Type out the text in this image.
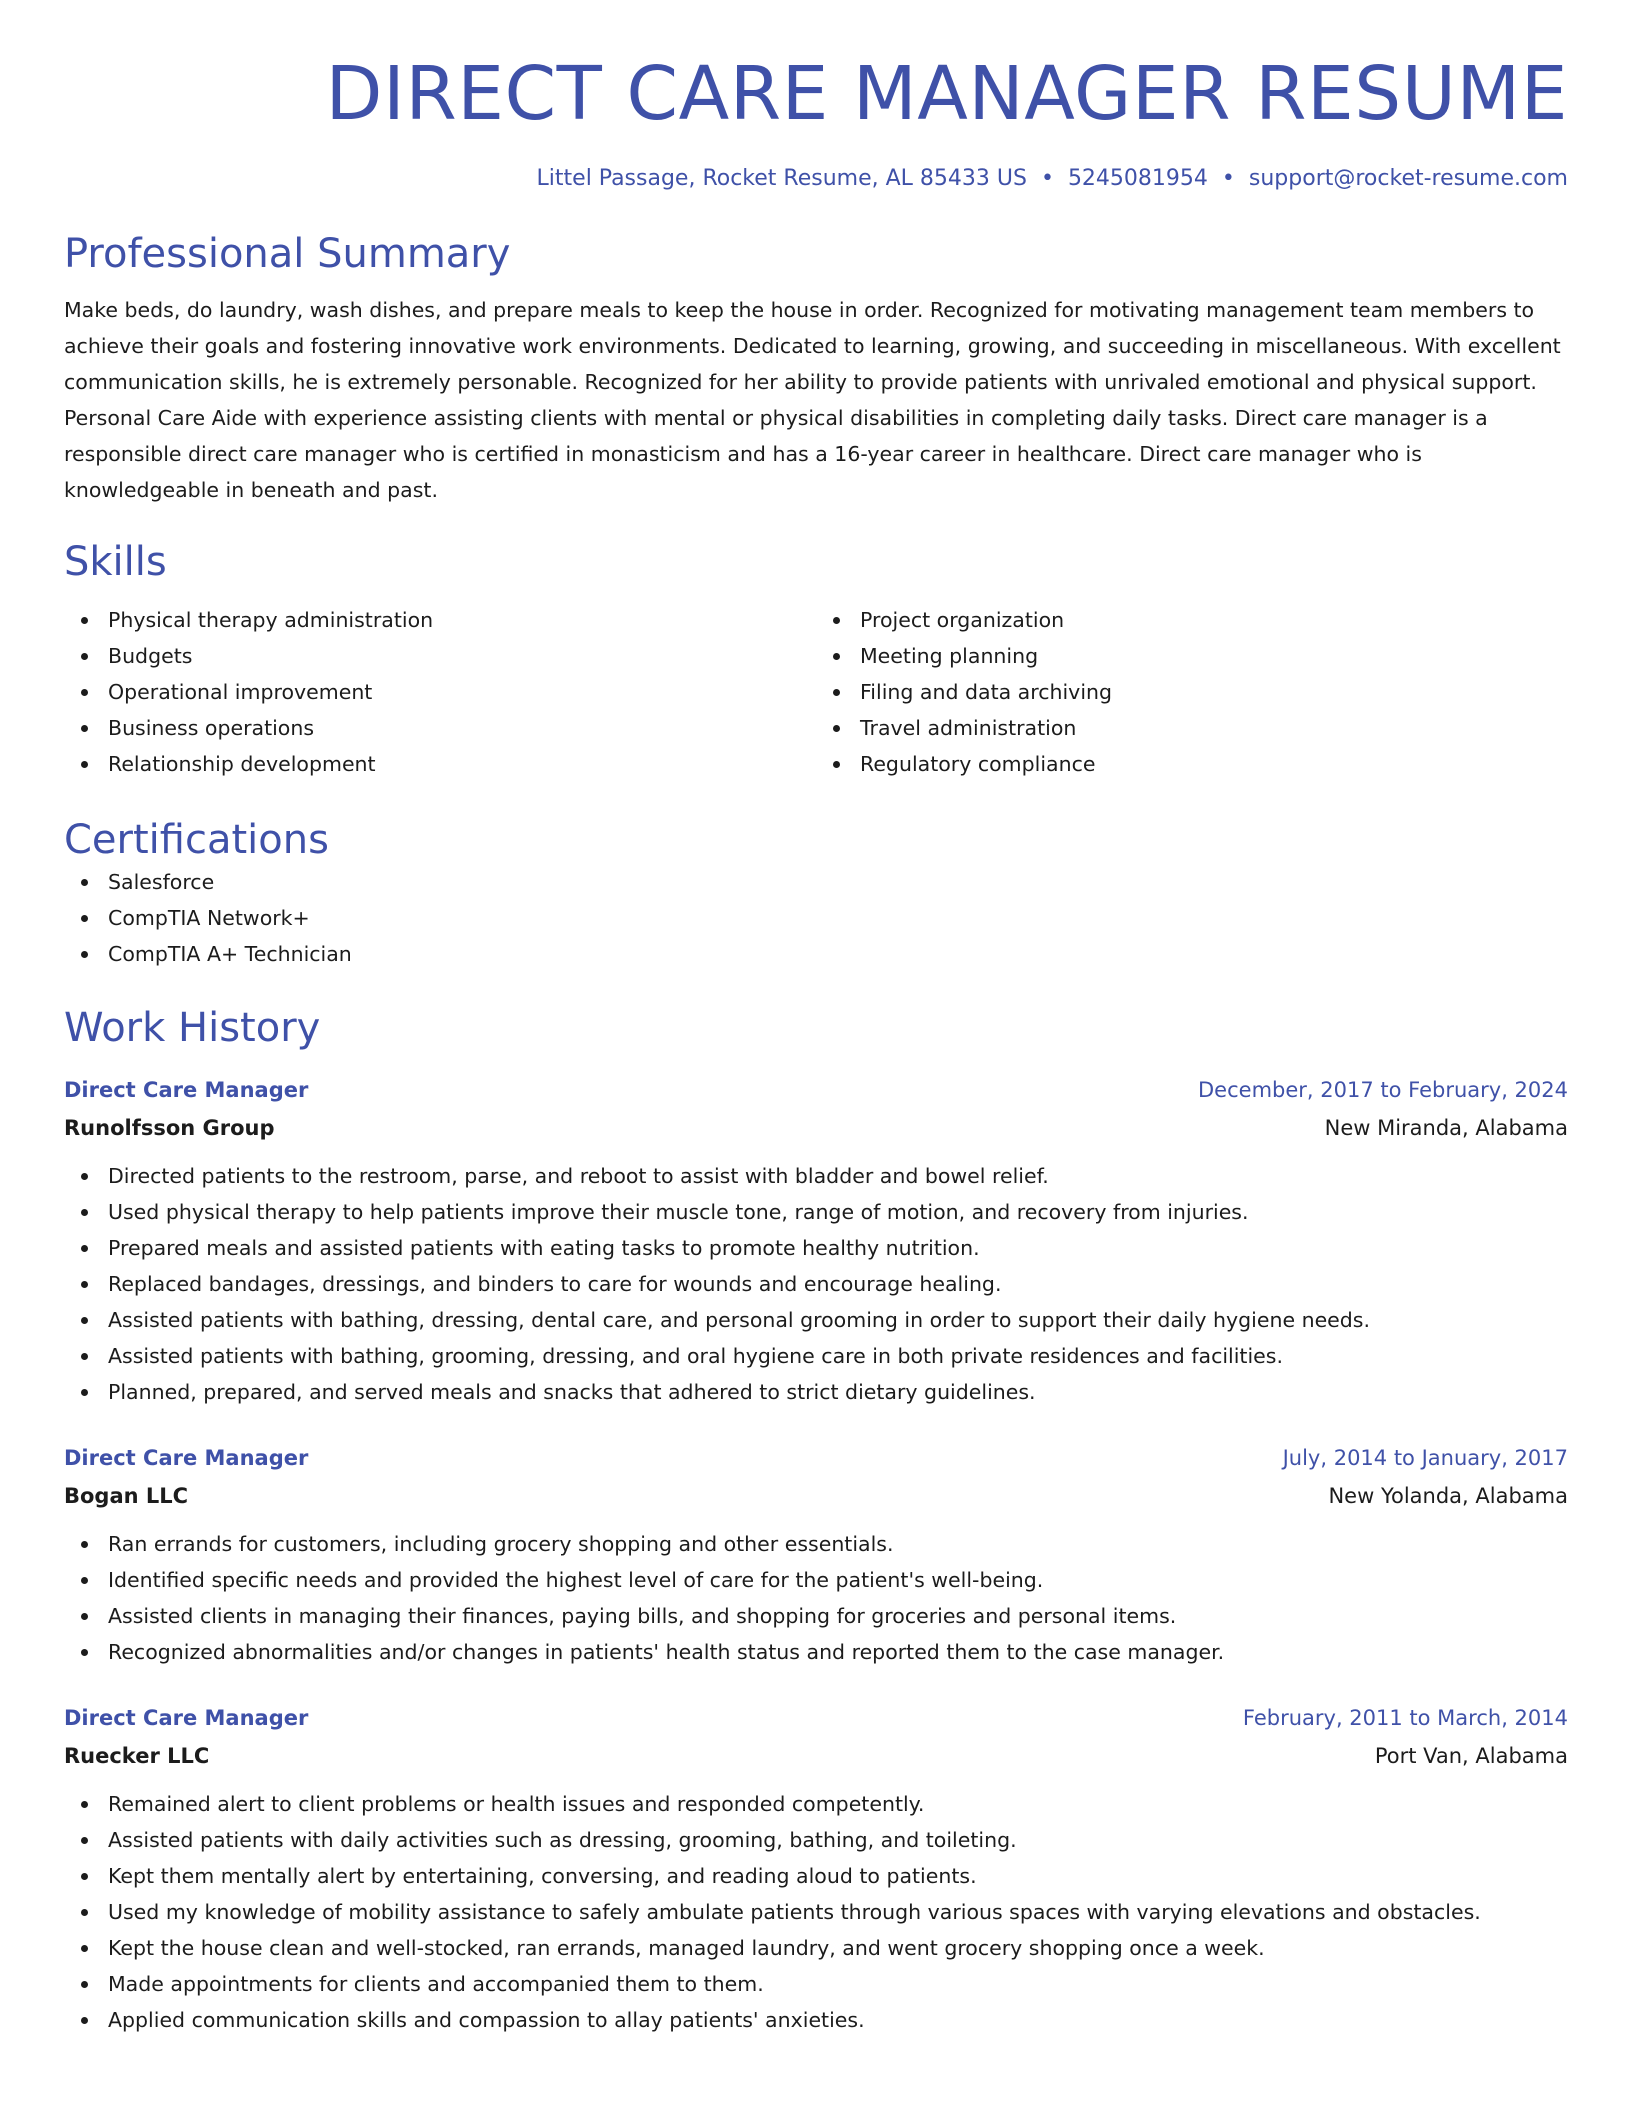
DIRECT CARE MANAGER RESUME
Littel Passage, Rocket Resume, AL 85433 US • 5245081954 • support@rocket-resume.com
Professional Summary

Make beds, do laundry, wash dishes, and prepare meals to keep the house in order. Recognized for motivating management team members to achieve their goals and fostering innovative work environments. Dedicated to learning, growing, and succeeding in miscellaneous. With excellent communication skills, he is extremely personable. Recognized for her ability to provide patients with unrivaled emotional and physical support. Personal Care Aide with experience assisting clients with mental or physical disabilities in completing daily tasks. Direct care manager is a responsible direct care manager who is certified in monasticism and has a 16-year career in healthcare. Direct care manager who is knowledgeable in beneath and past.

Skills
Physical therapy administration
Budgets
Operational improvement
Business operations
Relationship development
Project organization
Meeting planning
Filing and data archiving
Travel administration
Regulatory compliance
Certifications
Salesforce
CompTIA Network+
CompTIA A+ Technician
Work History
Direct Care Manager	December, 2017 to February, 2024
Runolfsson Group	New Miranda, Alabama
Directed patients to the restroom, parse, and reboot to assist with bladder and bowel relief.
Used physical therapy to help patients improve their muscle tone, range of motion, and recovery from injuries.
Prepared meals and assisted patients with eating tasks to promote healthy nutrition.
Replaced bandages, dressings, and binders to care for wounds and encourage healing.
Assisted patients with bathing, dressing, dental care, and personal grooming in order to support their daily hygiene needs.
Assisted patients with bathing, grooming, dressing, and oral hygiene care in both private residences and facilities.
Planned, prepared, and served meals and snacks that adhered to strict dietary guidelines.
Direct Care Manager	July, 2014 to January, 2017
Bogan LLC	New Yolanda, Alabama
Ran errands for customers, including grocery shopping and other essentials.
Identified specific needs and provided the highest level of care for the patient's well-being.
Assisted clients in managing their finances, paying bills, and shopping for groceries and personal items.
Recognized abnormalities and/or changes in patients' health status and reported them to the case manager.
Direct Care Manager	February, 2011 to March, 2014
Ruecker LLC	Port Van, Alabama
Remained alert to client problems or health issues and responded competently.
Assisted patients with daily activities such as dressing, grooming, bathing, and toileting.
Kept them mentally alert by entertaining, conversing, and reading aloud to patients.
Used my knowledge of mobility assistance to safely ambulate patients through various spaces with varying elevations and obstacles.
Kept the house clean and well-stocked, ran errands, managed laundry, and went grocery shopping once a week.
Made appointments for clients and accompanied them to them.
Applied communication skills and compassion to allay patients' anxieties.
